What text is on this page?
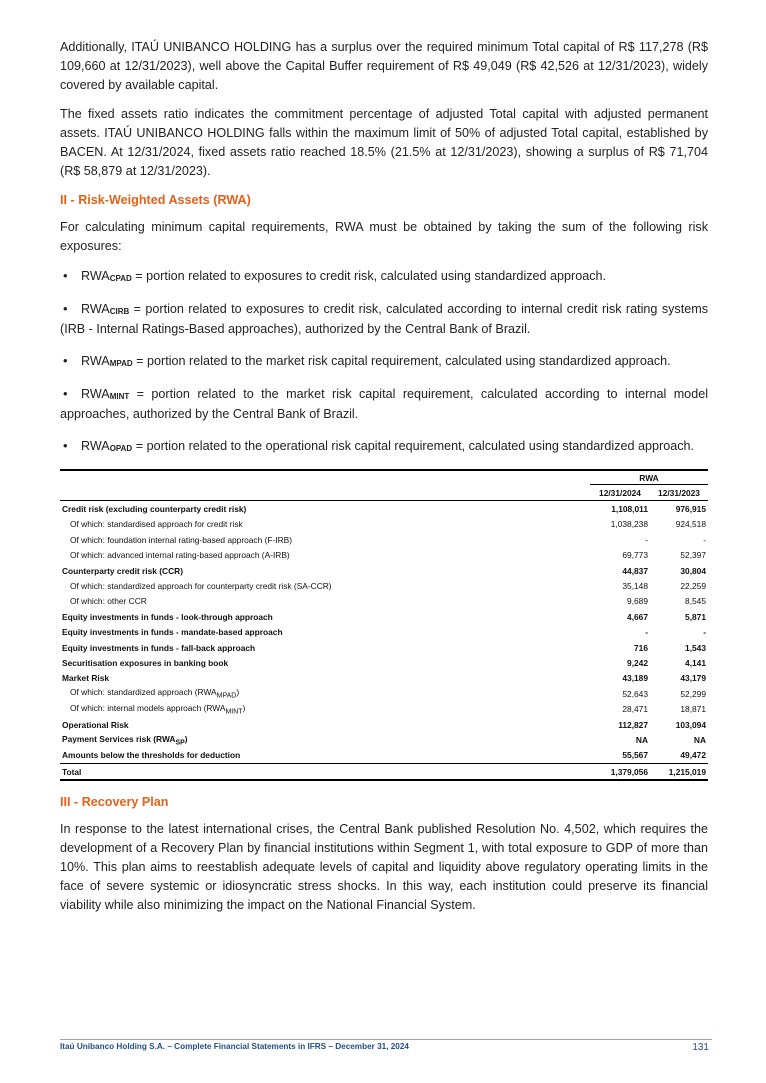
Additionally, ITAÚ UNIBANCO HOLDING has a surplus over the required minimum Total capital of R$ 117,278 (R$ 109,660 at 12/31/2023), well above the Capital Buffer requirement of R$ 49,049 (R$ 42,526 at 12/31/2023), widely covered by available capital.

The fixed assets ratio indicates the commitment percentage of adjusted Total capital with adjusted permanent assets. ITAÚ UNIBANCO HOLDING falls within the maximum limit of 50% of adjusted Total capital, established by BACEN. At 12/31/2024, fixed assets ratio reached 18.5% (21.5% at 12/31/2023), showing a surplus of R$ 71,704 (R$ 58,879 at 12/31/2023).

II - Risk-Weighted Assets (RWA)

For calculating minimum capital requirements, RWA must be obtained by taking the sum of the following risk exposures:

• RWACPAD = portion related to exposures to credit risk, calculated using standardized approach.
• RWACIRB = portion related to exposures to credit risk, calculated according to internal credit risk rating systems (IRB - Internal Ratings-Based approaches), authorized by the Central Bank of Brazil.
• RWAMPAD = portion related to the market risk capital requirement, calculated using standardized approach.
• RWAMINT = portion related to the market risk capital requirement, calculated according to internal model approaches, authorized by the Central Bank of Brazil.
• RWAOPAD = portion related to the operational risk capital requirement, calculated using standardized approach.
	RWA	
	12/31/2024	12/31/2023
Credit risk (excluding counterparty credit risk)	1,108,011	976,915
Of which: standardised approach for credit risk	1,038,238	924,518
Of which: foundation internal rating-based approach (F-IRB)	-	-
Of which: advanced internal rating-based approach (A-IRB)	69,773	52,397
Counterparty credit risk (CCR)	44,837	30,804
Of which: standardized approach for counterparty credit risk (SA-CCR)	35,148	22,259
Of which: other CCR	9,689	8,545
Equity investments in funds - look-through approach	4,667	5,871
Equity investments in funds - mandate-based approach	-	-
Equity investments in funds - fall-back approach	716	1,543
Securitisation exposures in banking book	9,242	4,141
Market Risk	43,189	43,179
Of which: standardized approach $(RWA_{MPAD})$	52,643	52,299
Of which: internal models approach $(RWA_{MINT})$	28,471	18,871
Operational Risk	112,827	103,094
Payment Services risk $(RWA_{SP})$	NA	NA
Amounts below the thresholds for deduction	55,567	49,472
Total	1,379,056	1,215,019
III - Recovery Plan

In response to the latest international crises, the Central Bank published Resolution No. 4,502, which requires the development of a Recovery Plan by financial institutions within Segment 1, with total exposure to GDP of more than 10%. This plan aims to reestablish adequate levels of capital and liquidity above regulatory operating limits in the face of severe systemic or idiosyncratic stress shocks. In this way, each institution could preserve its financial viability while also minimizing the impact on the National Financial System.

Itaú Unibanco Holding S.A. – Complete Financial Statements in IFRS – December 31, 2024	131
